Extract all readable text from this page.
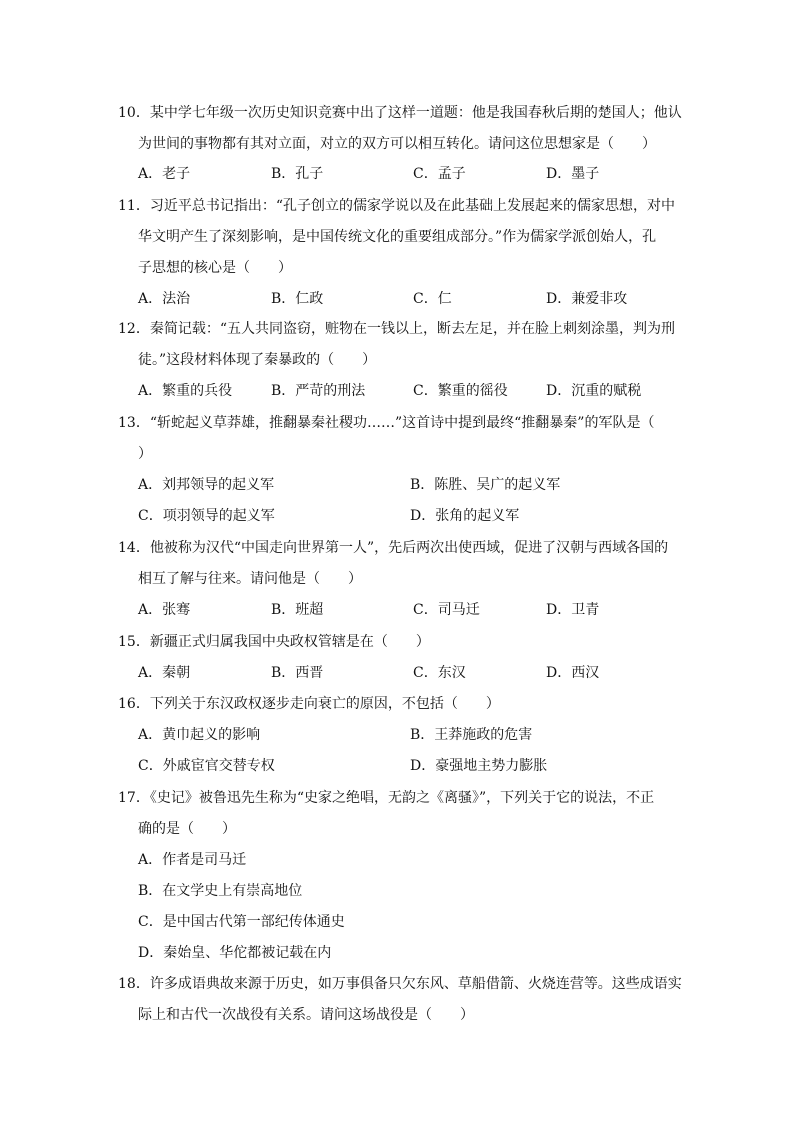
10．某中学七年级一次历史知识竞赛中出了这样一道题：他是我国春秋后期的楚国人；他认
为世间的事物都有其对立面，对立的双方可以相互转化。请问这位思想家是（　　）
A．老子	B．孔子	C．孟子	D．墨子
11．习近平总书记指出：“孔子创立的儒家学说以及在此基础上发展起来的儒家思想，对中
华文明产生了深刻影响，是中国传统文化的重要组成部分。”作为儒家学派创始人，孔
子思想的核心是（　　）
A．法治	B．仁政	C．仁	D．兼爱非攻
12．秦简记载：“五人共同盗窃，赃物在一钱以上，断去左足，并在脸上刺刻涂墨，判为刑
徒。”这段材料体现了秦暴政的（　　）
A．繁重的兵役	B．严苛的刑法	C．繁重的徭役	D．沉重的赋税
13．“斩蛇起义草莽雄，推翻暴秦社稷功……”这首诗中提到最终“推翻暴秦”的军队是（
）
A．刘邦领导的起义军	B．陈胜、吴广的起义军
C．项羽领导的起义军	D．张角的起义军
14．他被称为汉代“中国走向世界第一人”，先后两次出使西域，促进了汉朝与西域各国的
相互了解与往来。请问他是（　　）
A．张骞	B．班超	C．司马迁	D．卫青
15．新疆正式归属我国中央政权管辖是在（　　）
A．秦朝	B．西晋	C．东汉	D．西汉
16．下列关于东汉政权逐步走向衰亡的原因，不包括（　　）
A．黄巾起义的影响	B．王莽施政的危害
C．外戚宦官交替专权	D．豪强地主势力膨胀
17．《史记》被鲁迅先生称为“史家之绝唱，无韵之《离骚》”，下列关于它的说法，不正
确的是（　　）
A．作者是司马迁
B．在文学史上有崇高地位
C．是中国古代第一部纪传体通史
D．秦始皇、华佗都被记载在内
18．许多成语典故来源于历史，如万事俱备只欠东风、草船借箭、火烧连营等。这些成语实
际上和古代一次战役有关系。请问这场战役是（　　）
